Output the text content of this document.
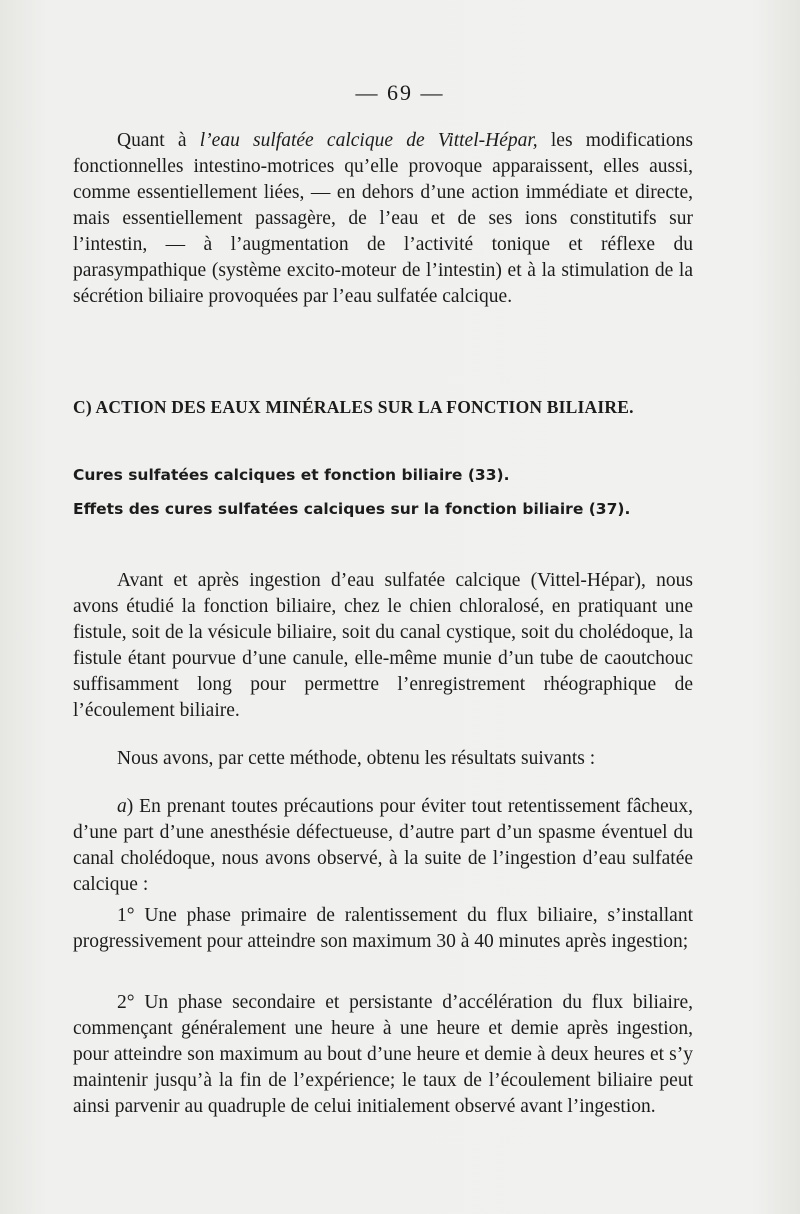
— 69 —

Quant à l’eau sulfatée calcique de Vittel-Hépar, les modifications fonctionnelles intestino-motrices qu’elle provoque apparaissent, elles aussi, comme essentiellement liées, — en dehors d’une action immédiate et directe, mais essentiellement passagère, de l’eau et de ses ions constitutifs sur l’intestin, — à l’augmentation de l’activité tonique et réflexe du parasympathique (système excito-moteur de l’intestin) et à la stimulation de la sécrétion biliaire provoquées par l’eau sulfatée calcique.

C) ACTION DES EAUX MINÉRALES SUR LA FONCTION BILIAIRE.
Cures sulfatées calciques et fonction biliaire (33).
Effets des cures sulfatées calciques sur la fonction biliaire (37).

Avant et après ingestion d’eau sulfatée calcique (Vittel-Hépar), nous avons étudié la fonction biliaire, chez le chien chloralosé, en pratiquant une fistule, soit de la vésicule biliaire, soit du canal cystique, soit du cholédoque, la fistule étant pourvue d’une canule, elle-même munie d’un tube de caoutchouc suffisamment long pour permettre l’enregistrement rhéographique de l’écoulement biliaire.

Nous avons, par cette méthode, obtenu les résultats suivants :

a) En prenant toutes précautions pour éviter tout retentissement fâcheux, d’une part d’une anesthésie défectueuse, d’autre part d’un spasme éventuel du canal cholédoque, nous avons observé, à la suite de l’ingestion d’eau sulfatée calcique :

1° Une phase primaire de ralentissement du flux biliaire, s’installant progressivement pour atteindre son maximum 30 à 40 minutes après ingestion;

2° Un phase secondaire et persistante d’accélération du flux biliaire, commençant généralement une heure à une heure et demie après ingestion, pour atteindre son maximum au bout d’une heure et demie à deux heures et s’y maintenir jusqu’à la fin de l’expérience; le taux de l’écoulement biliaire peut ainsi parvenir au quadruple de celui initialement observé avant l’ingestion.
